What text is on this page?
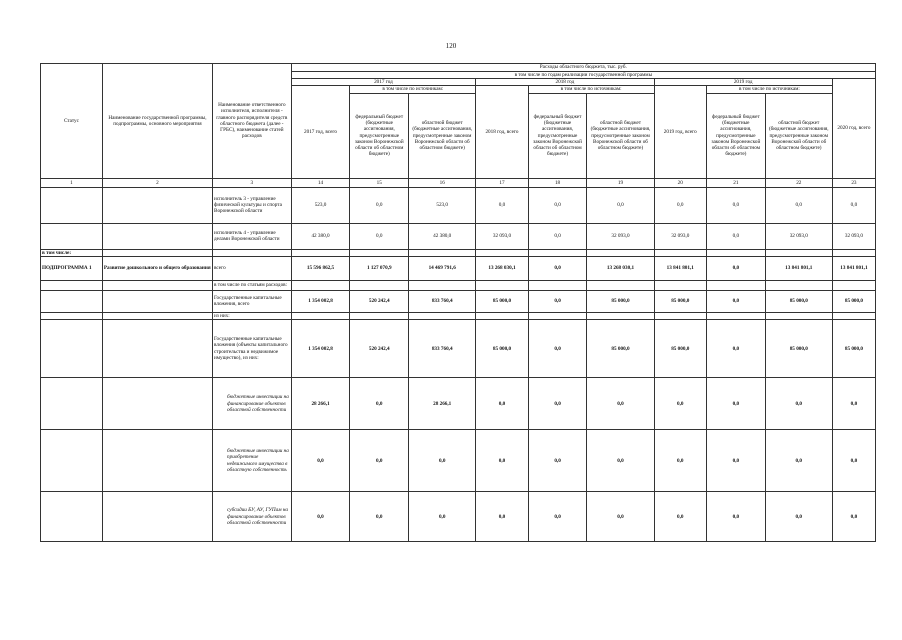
120
Статус	Наименование государственной программы, подпрограммы, основного мероприятия	Наименование ответственного исполнителя, исполнителя - главного распорядителя средств областного бюджета (далее - ГРБС), наименование статей расходов	Расходы областного бюджета, тыс. руб.									
			в том числе по годам реализации государственной программы									
			2017 год			2018 год			2019 год			2020 год, всего
			2017 год, всего	в том числе по источникам:		2018 год, всего	в том числе по источникам:		2019 год, всего	в том числе по источникам:		
				федеральный бюджет (бюджетные ассигнования, предусмотренные законом Воронежской области об областном бюджете)	областной бюджет (бюджетные ассигнования, предусмотренные законом Воронежской области об областном бюджете)		федеральный бюджет (бюджетные ассигнования, предусмотренные законом Воронежской области об областном бюджете)	областной бюджет (бюджетные ассигнования, предусмотренные законом Воронежской области об областном бюджете)		федеральный бюджет (бюджетные ассигнования, предусмотренные законом Воронежской области об областном бюджете)	областной бюджет (бюджетные ассигнования, предусмотренные законом Воронежской области об областном бюджете)	
1	2	3	14	15	16	17	18	19	20	21	22	23
		исполнитель 3 - управление физической культуры и спорта Воронежской области	523,0	0,0	523,0	0,0	0,0	0,0	0,0	0,0	0,0	0,0
		исполнитель 4 - управление делами Воронежской области	42 380,0	0,0	42 380,0	32 093,0	0,0	32 093,0	32 093,0	0,0	32 093,0	32 093,0
в том числе:												
ПОДПРОГРАММА 1	Развитие дошкольного и общего образования	всего	15 596 862,5	1 127 070,9	14 469 791,6	13 268 030,1	0,0	13 268 030,1	13 841 801,1	0,0	13 841 801,1	13 841 801,1
		в том числе по статьям расходов:										
		Государственные капитальные вложения, всего	1 354 002,8	520 242,4	833 760,4	85 000,0	0,0	85 000,0	85 000,0	0,0	85 000,0	85 000,0
		из них:										
		Государственные капитальные вложения (объекты капитального строительства и недвижимое имущество), из них:	1 354 002,8	520 242,4	833 760,4	85 000,0	0,0	85 000,0	85 000,0	0,0	85 000,0	85 000,0
		бюджетные инвестиции на финансирование объектов областной собственности	28 266,1	0,0	28 266,1	0,0	0,0	0,0	0,0	0,0	0,0	0,0
		бюджетные инвестиции на приобретение недвижимого имущества в областную собственность	0,0	0,0	0,0	0,0	0,0	0,0	0,0	0,0	0,0	0,0
		субсидии БУ, АУ, ГУПам на финансирование объектов областной собственности	0,0	0,0	0,0	0,0	0,0	0,0	0,0	0,0	0,0	0,0
